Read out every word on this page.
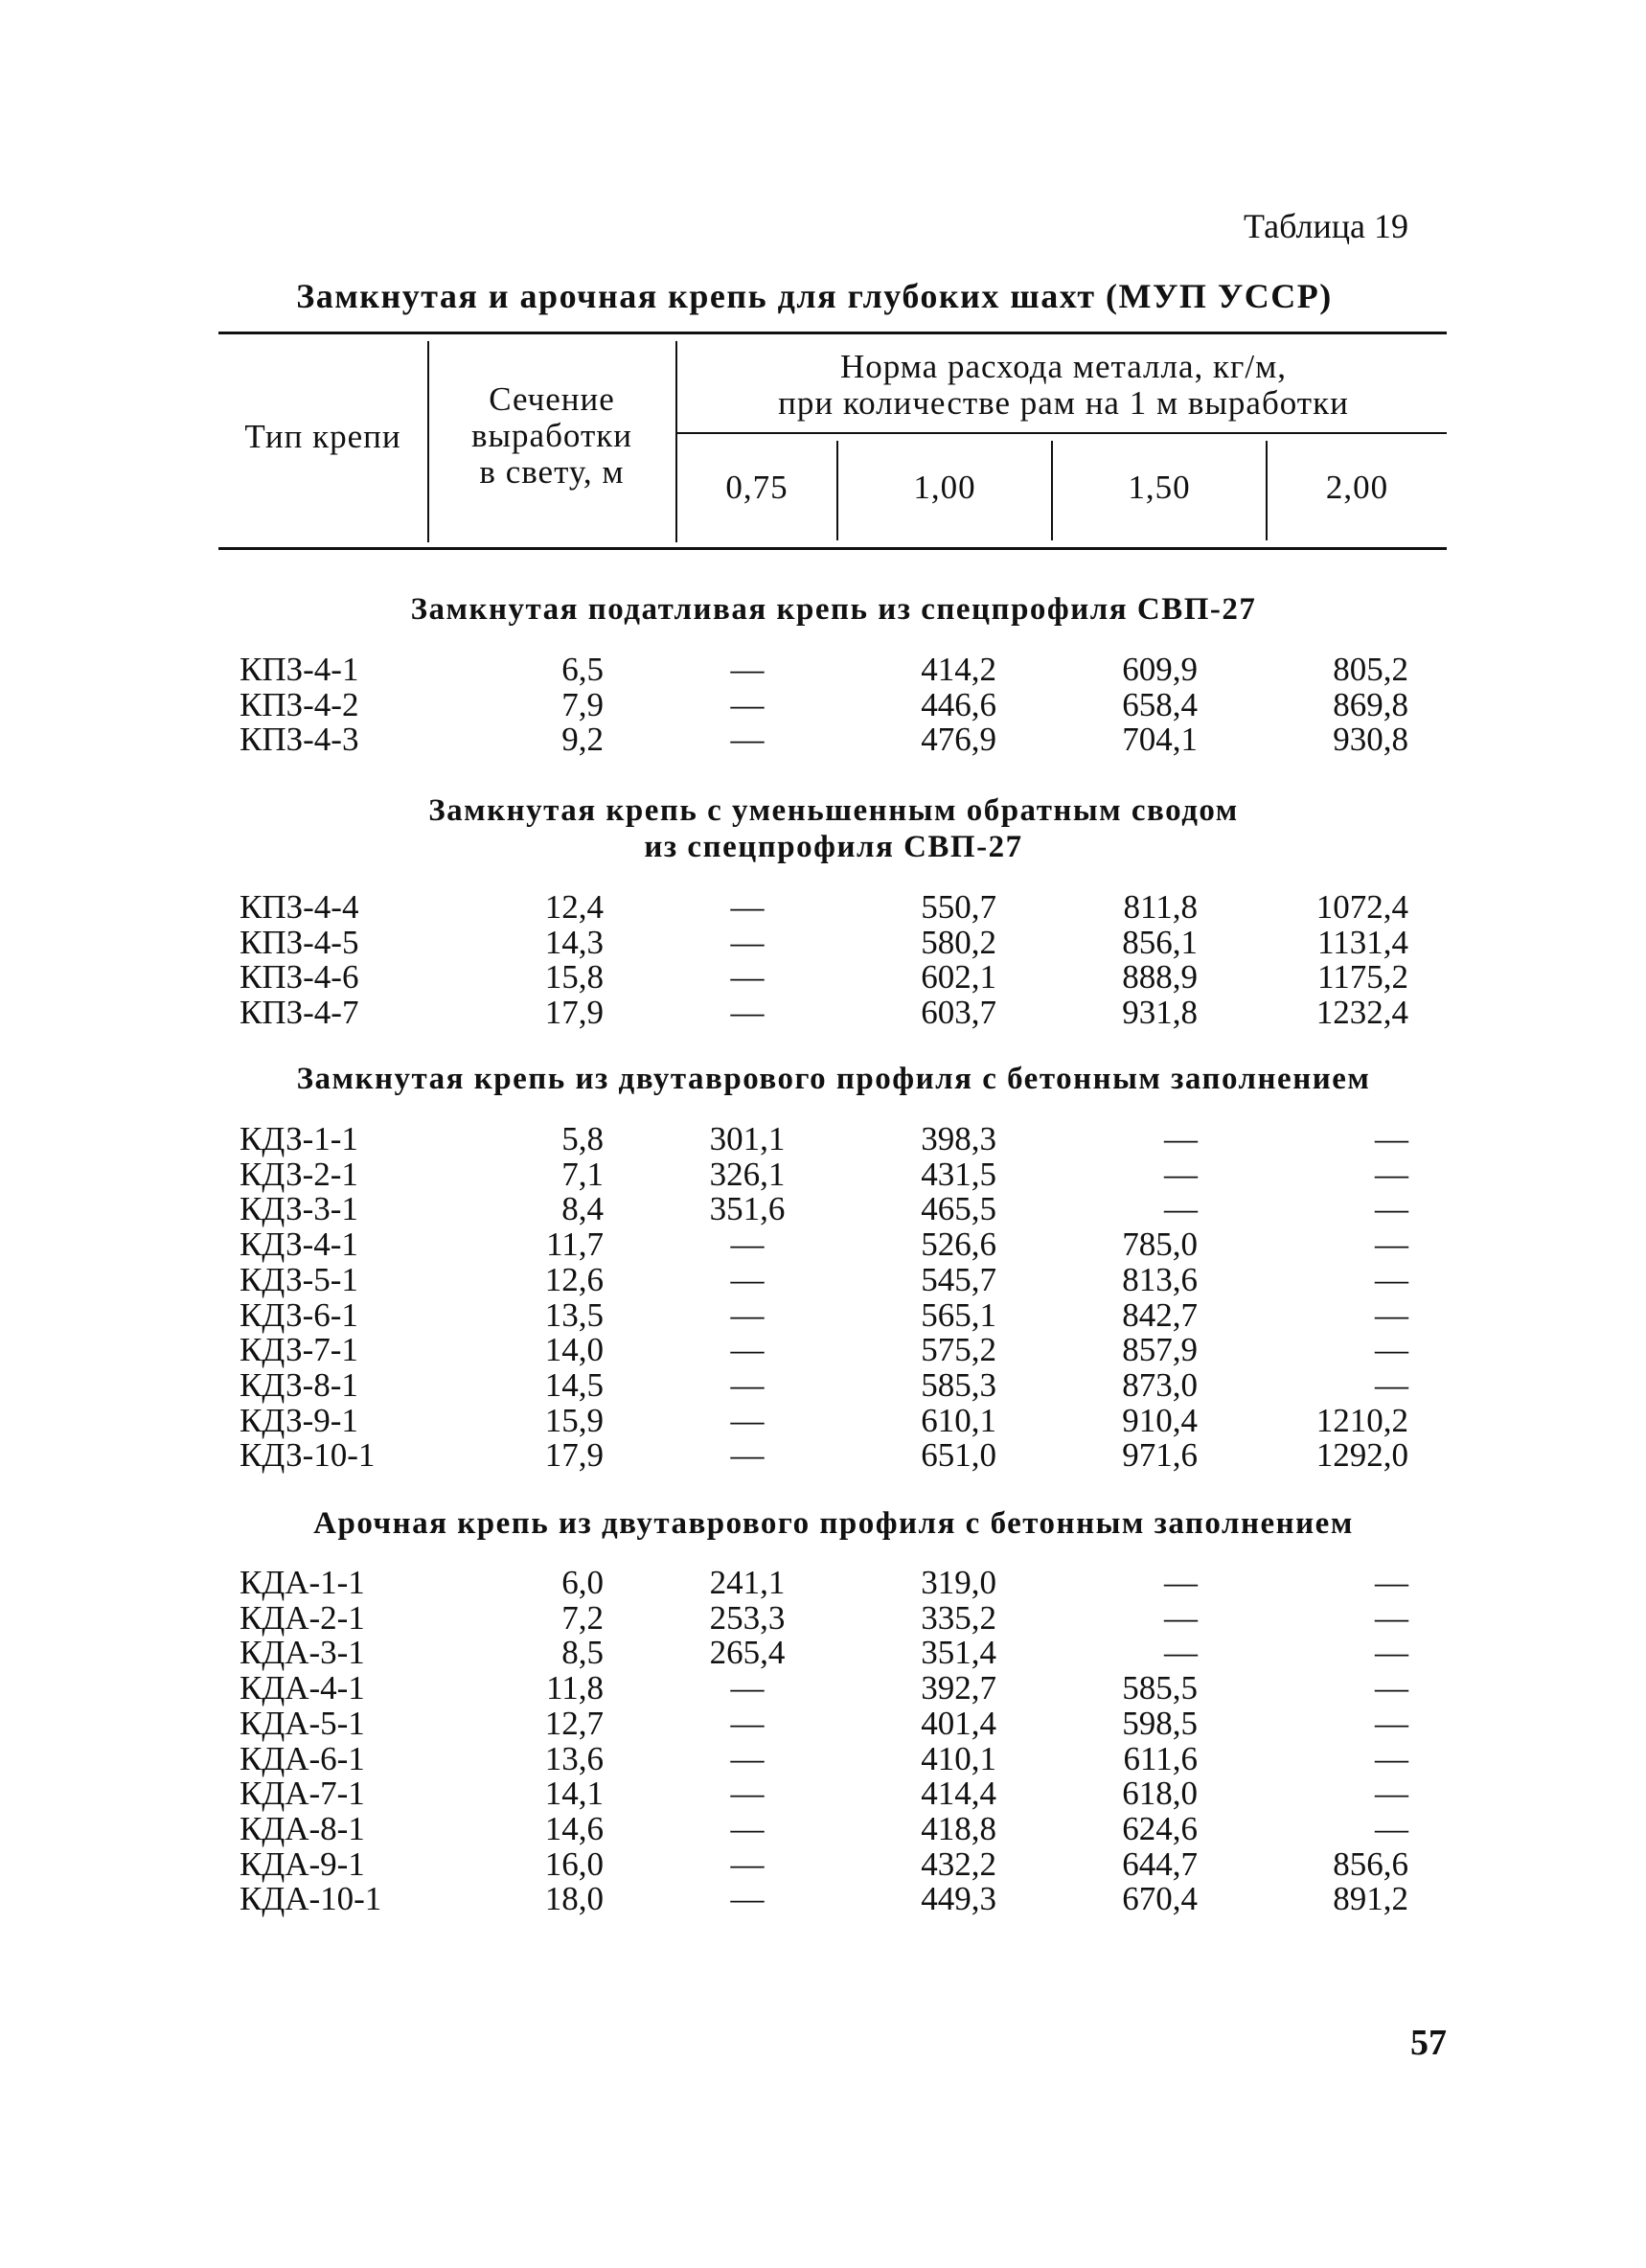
Таблица 19
Замкнутая и арочная крепь для глубоких шахт (МУП УССР)
Тип крепи
Сечение
выработки
в свету, м
Норма расхода металла, кг/м,
при количестве рам на 1 м выработки
0,75	1,00	1,50	2,00
Замкнутая податливая крепь из спецпрофиля СВП-27
Замкнутая крепь с уменьшенным обратным сводом
из спецпрофиля СВП-27
Замкнутая крепь из двутаврового профиля с бетонным заполнением
Арочная крепь из двутаврового профиля с бетонным заполнением
КПЗ-4-1	6,5	—	414,2	609,9	805,2
КПЗ-4-2	7,9	—	446,6	658,4	869,8
КПЗ-4-3	9,2	—	476,9	704,1	930,8
КПЗ-4-4	12,4	—	550,7	811,8	1072,4
КПЗ-4-5	14,3	—	580,2	856,1	1131,4
КПЗ-4-6	15,8	—	602,1	888,9	1175,2
КПЗ-4-7	17,9	—	603,7	931,8	1232,4
КДЗ-1-1	5,8	301,1	398,3	—	—
КДЗ-2-1	7,1	326,1	431,5	—	—
КДЗ-3-1	8,4	351,6	465,5	—	—
КДЗ-4-1	11,7	—	526,6	785,0	—
КДЗ-5-1	12,6	—	545,7	813,6	—
КДЗ-6-1	13,5	—	565,1	842,7	—
КДЗ-7-1	14,0	—	575,2	857,9	—
КДЗ-8-1	14,5	—	585,3	873,0	—
КДЗ-9-1	15,9	—	610,1	910,4	1210,2
КДЗ-10-1	17,9	—	651,0	971,6	1292,0
КДА-1-1	6,0	241,1	319,0	—	—
КДА-2-1	7,2	253,3	335,2	—	—
КДА-3-1	8,5	265,4	351,4	—	—
КДА-4-1	11,8	—	392,7	585,5	—
КДА-5-1	12,7	—	401,4	598,5	—
КДА-6-1	13,6	—	410,1	611,6	—
КДА-7-1	14,1	—	414,4	618,0	—
КДА-8-1	14,6	—	418,8	624,6	—
КДА-9-1	16,0	—	432,2	644,7	856,6
КДА-10-1	18,0	—	449,3	670,4	891,2
57
